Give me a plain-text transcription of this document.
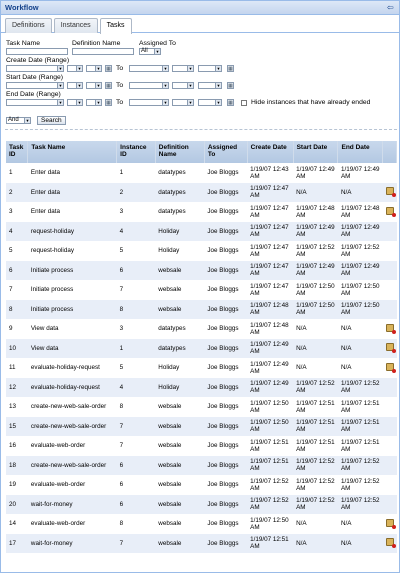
Workflow	⇦
Definitions	Instances	Tasks
Task Name	Definition Name	Assigned To
All	▼
Create Date (Range)
▼	▼	▼ ▦ To	▼	▼	▼ ▦
Start Date (Range)
▼	▼	▼ ▦ To	▼	▼	▼ ▦
End Date (Range)
▼	▼	▼ ▦ To	▼	▼	▼ ▦	Hide instances that have already ended
And	▼	Search
Task ID	Task Name	Instance ID	Definition Name	Assigned To	Create Date	Start Date	End Date	
1	Enter data	1	datatypes	Joe Bloggs	1/19/07 12:43 AM	1/19/07 12:49 AM	1/19/07 12:49 AM	
2	Enter data	2	datatypes	Joe Bloggs	1/19/07 12:47 AM	N/A	N/A	

3	Enter data	3	datatypes	Joe Bloggs	1/19/07 12:47 AM	1/19/07 12:48 AM	1/19/07 12:48 AM	

4	request-holiday	4	Holiday	Joe Bloggs	1/19/07 12:47 AM	1/19/07 12:49 AM	1/19/07 12:49 AM	
5	request-holiday	5	Holiday	Joe Bloggs	1/19/07 12:47 AM	1/19/07 12:52 AM	1/19/07 12:52 AM	
6	Initiate process	6	websale	Joe Bloggs	1/19/07 12:47 AM	1/19/07 12:49 AM	1/19/07 12:49 AM	
7	Initiate process	7	websale	Joe Bloggs	1/19/07 12:47 AM	1/19/07 12:50 AM	1/19/07 12:50 AM	
8	Initiate process	8	websale	Joe Bloggs	1/19/07 12:48 AM	1/19/07 12:50 AM	1/19/07 12:50 AM	
9	View data	3	datatypes	Joe Bloggs	1/19/07 12:48 AM	N/A	N/A	

10	View data	1	datatypes	Joe Bloggs	1/19/07 12:49 AM	N/A	N/A	

11	evaluate-holiday-request	5	Holiday	Joe Bloggs	1/19/07 12:49 AM	N/A	N/A	

12	evaluate-holiday-request	4	Holiday	Joe Bloggs	1/19/07 12:49 AM	1/19/07 12:52 AM	1/19/07 12:52 AM	
13	create-new-web-sale-order	8	websale	Joe Bloggs	1/19/07 12:50 AM	1/19/07 12:51 AM	1/19/07 12:51 AM	
15	create-new-web-sale-order	7	websale	Joe Bloggs	1/19/07 12:50 AM	1/19/07 12:51 AM	1/19/07 12:51 AM	
16	evaluate-web-order	7	websale	Joe Bloggs	1/19/07 12:51 AM	1/19/07 12:51 AM	1/19/07 12:51 AM	
18	create-new-web-sale-order	6	websale	Joe Bloggs	1/19/07 12:51 AM	1/19/07 12:52 AM	1/19/07 12:52 AM	
19	evaluate-web-order	6	websale	Joe Bloggs	1/19/07 12:52 AM	1/19/07 12:52 AM	1/19/07 12:52 AM	
20	wait-for-money	6	websale	Joe Bloggs	1/19/07 12:52 AM	1/19/07 12:52 AM	1/19/07 12:52 AM	
14	evaluate-web-order	8	websale	Joe Bloggs	1/19/07 12:50 AM	N/A	N/A	

17	wait-for-money	7	websale	Joe Bloggs	1/19/07 12:51 AM	N/A	N/A	
